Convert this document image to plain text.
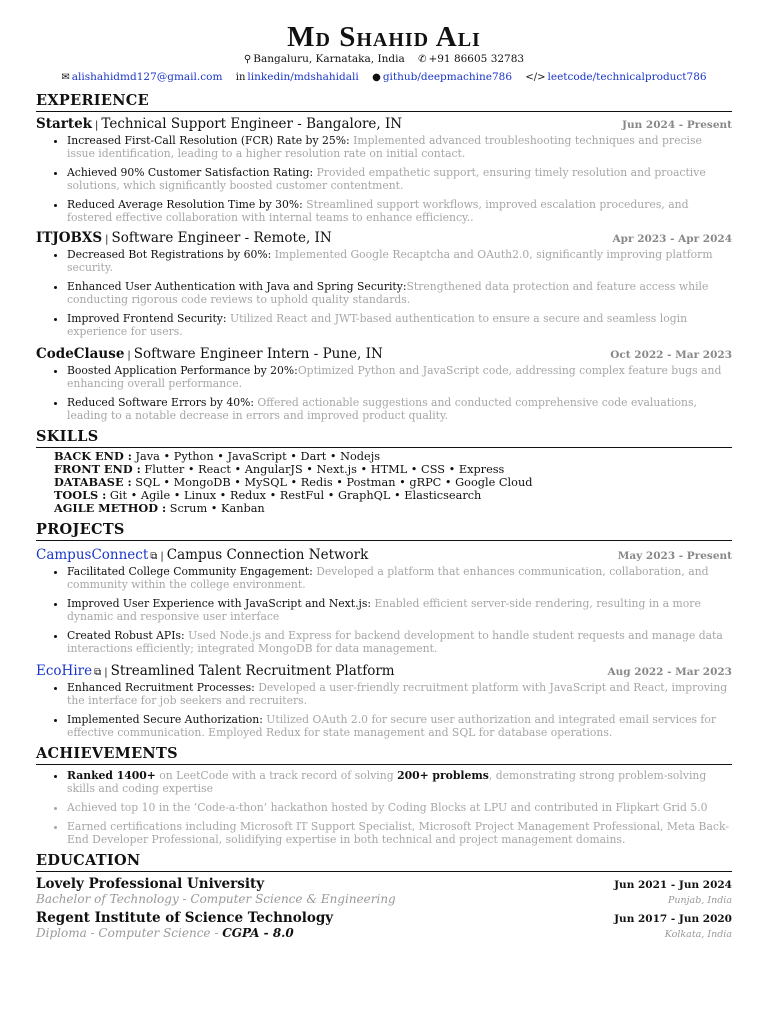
Md Shahid Ali
⚲ Bangaluru, Karnataka, India ✆ +91 86605 32783
✉ alishahidmd127@gmail.com in linkedin/mdshahidali ● github/deepmachine786 </> leetcode/technicalproduct786
EXPERIENCE
Startek | Technical Support Engineer - Bangalore, IN	Jun 2024 - Present
• Increased First-Call Resolution (FCR) Rate by 25%: Implemented advanced troubleshooting techniques and precise issue identification, leading to a higher resolution rate on initial contact.
• Achieved 90% Customer Satisfaction Rating: Provided empathetic support, ensuring timely resolution and proactive solutions, which significantly boosted customer contentment.
• Reduced Average Resolution Time by 30%: Streamlined support workflows, improved escalation procedures, and fostered effective collaboration with internal teams to enhance efficiency..
ITJOBXS | Software Engineer - Remote, IN	Apr 2023 - Apr 2024
• Decreased Bot Registrations by 60%: Implemented Google Recaptcha and OAuth2.0, significantly improving platform security.
• Enhanced User Authentication with Java and Spring Security:Strengthened data protection and feature access while conducting rigorous code reviews to uphold quality standards.
• Improved Frontend Security: Utilized React and JWT-based authentication to ensure a secure and seamless login experience for users.
CodeClause | Software Engineer Intern - Pune, IN	Oct 2022 - Mar 2023
• Boosted Application Performance by 20%:Optimized Python and JavaScript code, addressing complex feature bugs and enhancing overall performance.
• Reduced Software Errors by 40%: Offered actionable suggestions and conducted comprehensive code evaluations, leading to a notable decrease in errors and improved product quality.
SKILLS
BACK END : Java • Python • JavaScript • Dart • Nodejs
FRONT END : Flutter • React • AngularJS • Next.js • HTML • CSS • Express
DATABASE : SQL • MongoDB • MySQL • Redis • Postman • gRPC • Google Cloud
TOOLS : Git • Agile • Linux • Redux • RestFul • GraphQL • Elasticsearch
AGILE METHOD : Scrum • Kanban
PROJECTS
CampusConnect ⧉ | Campus Connection Network	May 2023 - Present
• Facilitated College Community Engagement: Developed a platform that enhances communication, collaboration, and community within the college environment.
• Improved User Experience with JavaScript and Next.js: Enabled efficient server-side rendering, resulting in a more dynamic and responsive user interface
• Created Robust APIs: Used Node.js and Express for backend development to handle student requests and manage data interactions efficiently; integrated MongoDB for data management.
EcoHire ⧉ | Streamlined Talent Recruitment Platform	Aug 2022 - Mar 2023
• Enhanced Recruitment Processes: Developed a user-friendly recruitment platform with JavaScript and React, improving the interface for job seekers and recruiters.
• Implemented Secure Authorization: Utilized OAuth 2.0 for secure user authorization and integrated email services for effective communication. Employed Redux for state management and SQL for database operations.
ACHIEVEMENTS
• Ranked 1400+ on LeetCode with a track record of solving 200+ problems, demonstrating strong problem-solving skills and coding expertise
• Achieved top 10 in the ‘Code-a-thon’ hackathon hosted by Coding Blocks at LPU and contributed in Flipkart Grid 5.0
• Earned certifications including Microsoft IT Support Specialist, Microsoft Project Management Professional, Meta Back-End Developer Professional, solidifying expertise in both technical and project management domains.
EDUCATION
Lovely Professional University	Jun 2021 - Jun 2024
Bachelor of Technology - Computer Science & Engineering	Punjab, India
Regent Institute of Science Technology	Jun 2017 - Jun 2020
Diploma - Computer Science - CGPA - 8.0	Kolkata, India
